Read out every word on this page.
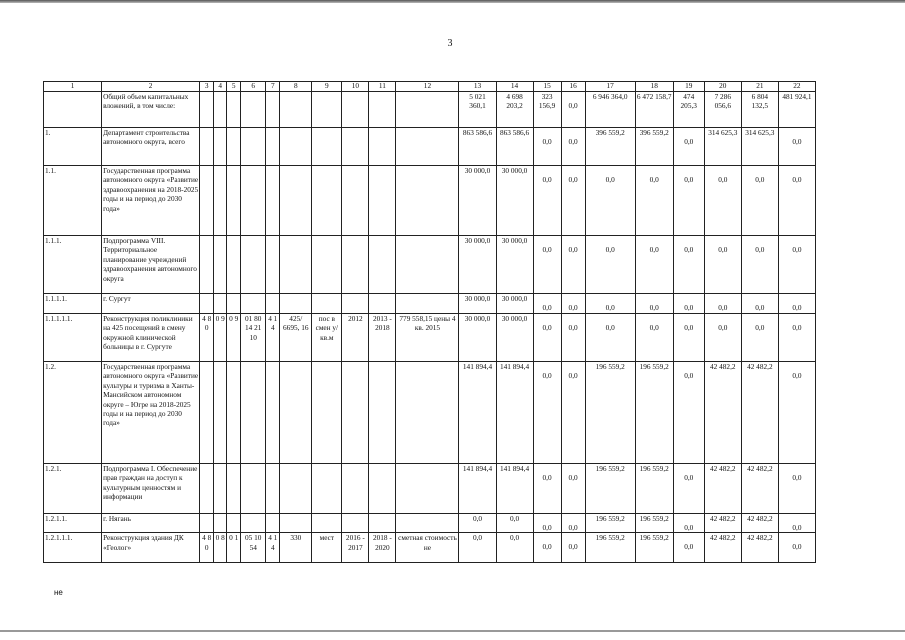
3
1	2	3	4	5	6	7	8	9	10	11	12	13	14	15	16	17	18	19	20	21	22
	Общий объем капитальных вложений, в том числе:											5 021 360,1	4 698 203,2	323 156,9	0,0	6 946 364,0	6 472 158,7	474 205,3	7 286 056,6	6 804 132,5	481 924,1
1.	Департамент строительства автономного округа, всего											863 586,6	863 586,6	0,0	0,0	396 559,2	396 559,2	0,0	314 625,3	314 625,3	0,0
1.1.	Государственная программа автономного округа «Развитие здравоохранения на 2018-2025 годы и на период до 2030 года»											30 000,0	30 000,0	0,0	0,0	0,0	0,0	0,0	0,0	0,0	0,0
1.1.1.	Подпрограмма VIII. Территориальное планирование учреждений здравоохранения автономного округа											30 000,0	30 000,0	0,0	0,0	0,0	0,0	0,0	0,0	0,0	0,0
1.1.1.1.	г. Сургут											30 000,0	30 000,0	0,0	0,0	0,0	0,0	0,0	0,0	0,0	0,0
1.1.1.1.1.	Реконструкция поликлиники на 425 посещений в смену окружной клинической больницы в г. Сургуте	4 8 0	0 9	0 9	01 80 14 21 10	4 1 4	425/ 6695, 16	пос в смен у/ кв.м	2012	2013 - 2018	779 558,15 цены 4 кв. 2015	30 000,0	30 000,0	0,0	0,0	0,0	0,0	0,0	0,0	0,0	0,0
1.2.	Государственная программа автономного округа «Развитие культуры и туризма в Ханты-Мансийском автономном округе – Югре на 2018-2025 годы и на период до 2030 года»											141 894,4	141 894,4	0,0	0,0	196 559,2	196 559,2	0,0	42 482,2	42 482,2	0,0
1.2.1.	Подпрограмма I. Обеспечение прав граждан на доступ к культурным ценностям и информации											141 894,4	141 894,4	0,0	0,0	196 559,2	196 559,2	0,0	42 482,2	42 482,2	0,0
1.2.1.1.	г. Нягань											0,0	0,0	0,0	0,0	196 559,2	196 559,2	0,0	42 482,2	42 482,2	0,0
1.2.1.1.1.	Реконструкция здания ДК «Геолог»	4 8 0	0 8	0 1	05 10 54	4 1 4	330	мест	2016 - 2017	2018 - 2020	сметная стоимость не	0,0	0,0	0,0	0,0	196 559,2	196 559,2	0,0	42 482,2	42 482,2	0,0
не
